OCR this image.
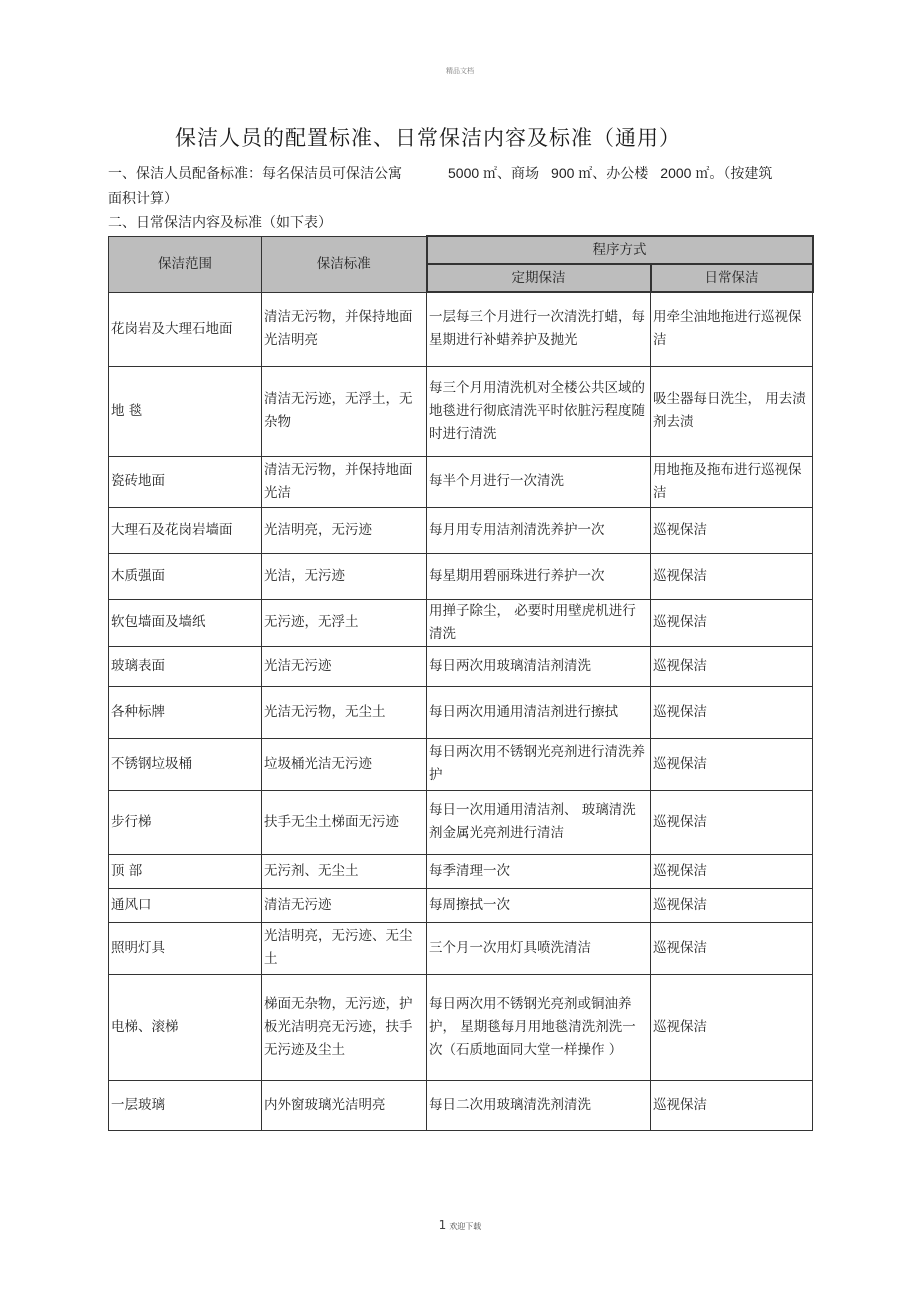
精品文档
保洁人员的配置标准、日常保洁内容及标准（通用）
一、保洁人员配备标准：每名保洁员可保洁公寓	5000 ㎡、商场 900 ㎡、办公楼 2000 ㎡。（按建筑
面积计算）
二、日常保洁内容及标准（如下表）
保洁范围	保洁标准	程序方式	
		定期保洁	日常保洁
花岗岩及大理石地面	清洁无污物，并保持地面光洁明亮	一层每三个月进行一次清洗打蜡，每星期进行补蜡养护及抛光	用牵尘油地拖进行巡视保洁
地 毯	清洁无污迹，无浮土，无杂物	每三个月用清洗机对全楼公共区域的地毯进行彻底清洗平时依脏污程度随时进行清洗	吸尘器每日洗尘， 用去渍剂去渍
瓷砖地面	清洁无污物，并保持地面光洁	每半个月进行一次清洗	用地拖及拖布进行巡视保洁
大理石及花岗岩墙面	光洁明亮，无污迹	每月用专用洁剂清洗养护一次	巡视保洁
木质强面	光洁，无污迹	每星期用碧丽珠进行养护一次	巡视保洁
软包墙面及墙纸	无污迹，无浮土	用掸子除尘， 必要时用壁虎机进行清洗	巡视保洁
玻璃表面	光洁无污迹	每日两次用玻璃清洁剂清洗	巡视保洁
各种标牌	光洁无污物，无尘土	每日两次用通用清洁剂进行擦拭	巡视保洁
不锈钢垃圾桶	垃圾桶光洁无污迹	每日两次用不锈钢光亮剂进行清洗养护	巡视保洁
步行梯	扶手无尘土梯面无污迹	每日一次用通用清洁剂、 玻璃清洗剂金属光亮剂进行清洁	巡视保洁
顶 部	无污剂、无尘土	每季清理一次	巡视保洁
通风口	清洁无污迹	每周擦拭一次	巡视保洁
照明灯具	光洁明亮，无污迹、无尘土	三个月一次用灯具喷洗清洁	巡视保洁
电梯、滚梯	梯面无杂物，无污迹，护板光洁明亮无污迹，扶手无污迹及尘土	每日两次用不锈钢光亮剂或铜油养护， 星期毯每月用地毯清洗剂洗一次（石质地面同大堂一样操作 ）	巡视保洁
一层玻璃	内外窗玻璃光洁明亮	每日二次用玻璃清洗剂清洗	巡视保洁
1 欢迎下载
